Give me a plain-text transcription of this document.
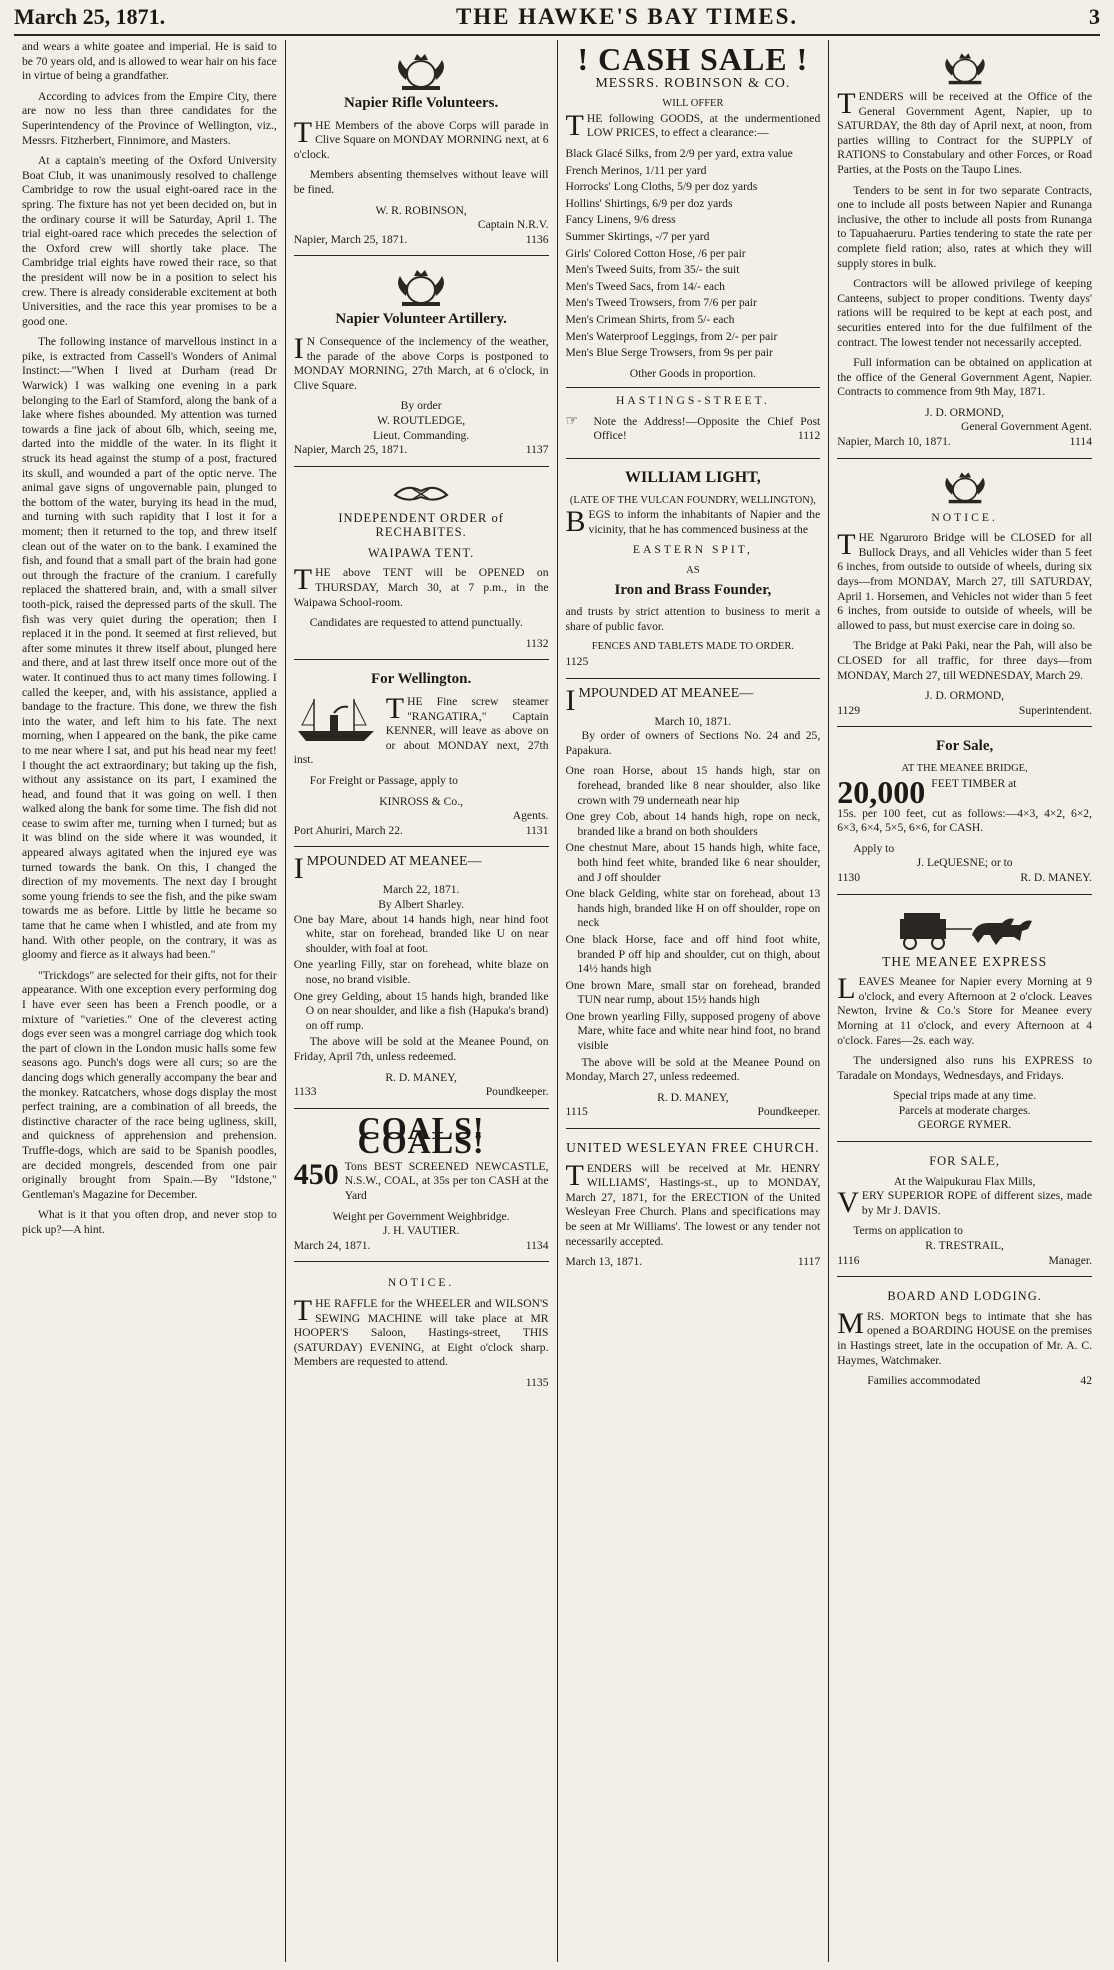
March 25, 1871.	THE HAWKE'S BAY TIMES.	3

and wears a white goatee and imperial. He is said to be 70 years old, and is allowed to wear hair on his face in virtue of being a grandfather.

According to advices from the Empire City, there are now no less than three candidates for the Superintendency of the Province of Wellington, viz., Messrs. Fitzherbert, Finnimore, and Masters.

At a captain's meeting of the Oxford University Boat Club, it was unanimously resolved to challenge Cambridge to row the usual eight-oared race in the spring. The fixture has not yet been decided on, but in the ordinary course it will be Saturday, April 1. The trial eight-oared race which precedes the selection of the Oxford crew will shortly take place. The Cambridge trial eights have rowed their race, so that the president will now be in a position to select his crew. There is already considerable excitement at both Universities, and the race this year promises to be a good one.

The following instance of marvellous instinct in a pike, is extracted from Cassell's Wonders of Animal Instinct:—"When I lived at Durham (read Dr Warwick) I was walking one evening in a park belonging to the Earl of Stamford, along the bank of a lake where fishes abounded. My attention was turned towards a fine jack of about 6lb, which, seeing me, darted into the middle of the water. In its flight it struck its head against the stump of a post, fractured its skull, and wounded a part of the optic nerve. The animal gave signs of ungovernable pain, plunged to the bottom of the water, burying its head in the mud, and turning with such rapidity that I lost it for a moment; then it returned to the top, and threw itself clean out of the water on to the bank. I examined the fish, and found that a small part of the brain had gone out through the fracture of the cranium. I carefully replaced the shattered brain, and, with a small silver tooth-pick, raised the depressed parts of the skull. The fish was very quiet during the operation; then I replaced it in the pond. It seemed at first relieved, but after some minutes it threw itself about, plunged here and there, and at last threw itself once more out of the water. It continued thus to act many times following. I called the keeper, and, with his assistance, applied a bandage to the fracture. This done, we threw the fish into the water, and left him to his fate. The next morning, when I appeared on the bank, the pike came to me near where I sat, and put his head near my feet! I thought the act extraordinary; but taking up the fish, without any assistance on its part, I examined the head, and found that it was going on well. I then walked along the bank for some time. The fish did not cease to swim after me, turning when I turned; but as it was blind on the side where it was wounded, it appeared always agitated when the injured eye was turned towards the bank. On this, I changed the direction of my movements. The next day I brought some young friends to see the fish, and the pike swam towards me as before. Little by little he became so tame that he came when I whistled, and ate from my hand. With other people, on the contrary, it was as gloomy and fierce as it always had been."

"Trickdogs" are selected for their gifts, not for their appearance. With one exception every performing dog I have ever seen has been a French poodle, or a mixture of "varieties." One of the cleverest acting dogs ever seen was a mongrel carriage dog which took the part of clown in the London music halls some few seasons ago. Punch's dogs were all curs; so are the dancing dogs which generally accompany the bear and the monkey. Ratcatchers, whose dogs display the most perfect training, are a combination of all breeds, the distinctive character of the race being ugliness, skill, and quickness of apprehension and prehension. Truffle-dogs, which are said to be Spanish poodles, are decided mongrels, descended from one pair originally brought from Spain.—By "Idstone," Gentleman's Magazine for December.

What is it that you often drop, and never stop to pick up?—A hint.

Napier Rifle Volunteers.

THE Members of the above Corps will parade in Clive Square on MONDAY MORNING next, at 6 o'clock.

Members absenting themselves without leave will be fined.

W. R. ROBINSON,
Captain N.R.V.
Napier, March 25, 1871.	1136
Napier Volunteer Artillery.

I N Consequence of the inclemency of the weather, the parade of the above Corps is postponed to MONDAY MORNING, 27th March, at 6 o'clock, in Clive Square.

By order
W. ROUTLEDGE,
Lieut. Commanding.
Napier, March 25, 1871.	1137
INDEPENDENT ORDER of RECHABITES.
WAIPAWA TENT.

THE above TENT will be OPENED on THURSDAY, March 30, at 7 p.m., in the Waipawa School-room.

Candidates are requested to attend punctually.

1132
For Wellington.

THE Fine screw steamer "RANGATIRA," Captain KENNER, will leave as above on or about MONDAY next, 27th inst.

For Freight or Passage, apply to

KINROSS & Co.,
Agents.
Port Ahuriri, March 22.	1131
IMPOUNDED AT MEANEE—
March 22, 1871.
By Albert Sharley.

One bay Mare, about 14 hands high, near hind foot white, star on forehead, branded like U on near shoulder, with foal at foot.

One yearling Filly, star on forehead, white blaze on nose, no brand visible.

One grey Gelding, about 15 hands high, branded like O on near shoulder, and like a fish (Hapuka's brand) on off rump.

The above will be sold at the Meanee Pound, on Friday, April 7th, unless redeemed.

R. D. MANEY,
1133	Poundkeeper.
COALS! COALS!

450 Tons BEST SCREENED NEWCASTLE, N.S.W., COAL, at 35s per ton CASH at the Yard

Weight per Government Weighbridge.
J. H. VAUTIER.
March 24, 1871.	1134
NOTICE.

THE RAFFLE for the WHEELER and WILSON'S SEWING MACHINE will take place at MR HOOPER'S Saloon, Hastings-street, THIS (SATURDAY) EVENING, at Eight o'clock sharp. Members are requested to attend.

1135
! CASH SALE !
MESSRS. ROBINSON & CO.
WILL OFFER

THE following GOODS, at the undermentioned LOW PRICES, to effect a clearance:—

Black Glacé Silks, from 2/9 per yard, extra value

French Merinos, 1/11 per yard

Horrocks' Long Cloths, 5/9 per doz yards

Hollins' Shirtings, 6/9 per doz yards

Fancy Linens, 9/6 dress

Summer Skirtings, -/7 per yard

Girls' Colored Cotton Hose, /6 per pair

Men's Tweed Suits, from 35/- the suit

Men's Tweed Sacs, from 14/- each

Men's Tweed Trowsers, from 7/6 per pair

Men's Crimean Shirts, from 5/- each

Men's Waterproof Leggings, from 2/- per pair

Men's Blue Serge Trowsers, from 9s per pair

Other Goods in proportion.
HASTINGS-STREET.

☞ Note the Address!—Opposite the Chief Post Office!	1112

WILLIAM LIGHT,
(LATE OF THE VULCAN FOUNDRY, WELLINGTON),

BEGS to inform the inhabitants of Napier and the vicinity, that he has commenced business at the

EASTERN SPIT,
AS
Iron and Brass Founder,

and trusts by strict attention to business to merit a share of public favor.

FENCES AND TABLETS MADE TO ORDER.
1125
IMPOUNDED AT MEANEE—
March 10, 1871.

By order of owners of Sections No. 24 and 25, Papakura.

One roan Horse, about 15 hands high, star on forehead, branded like 8 near shoulder, also like crown with 79 underneath near hip

One grey Cob, about 14 hands high, rope on neck, branded like a brand on both shoulders

One chestnut Mare, about 15 hands high, white face, both hind feet white, branded like 6 near shoulder, and J off shoulder

One black Gelding, white star on forehead, about 13 hands high, branded like H on off shoulder, rope on neck

One black Horse, face and off hind foot white, branded P off hip and shoulder, cut on thigh, about 14½ hands high

One brown Mare, small star on forehead, branded TUN near rump, about 15½ hands high

One brown yearling Filly, supposed progeny of above Mare, white face and white near hind foot, no brand visible

The above will be sold at the Meanee Pound on Monday, March 27, unless redeemed.

R. D. MANEY,
1115	Poundkeeper.
UNITED WESLEYAN FREE CHURCH.

TENDERS will be received at Mr. HENRY WILLIAMS', Hastings-st., up to MONDAY, March 27, 1871, for the ERECTION of the United Wesleyan Free Church. Plans and specifications may be seen at Mr Williams'. The lowest or any tender not necessarily accepted.

March 13, 1871.	1117

TENDERS will be received at the Office of the General Government Agent, Napier, up to SATURDAY, the 8th day of April next, at noon, from parties willing to Contract for the SUPPLY of RATIONS to Constabulary and other Forces, or Road Parties, at the Posts on the Taupo Lines.

Tenders to be sent in for two separate Contracts, one to include all posts between Napier and Runanga inclusive, the other to include all posts from Runanga to Tapuahaeruru. Parties tendering to state the rate per complete field ration; also, rates at which they will supply stores in bulk.

Contractors will be allowed privilege of keeping Canteens, subject to proper conditions. Twenty days' rations will be required to be kept at each post, and securities entered into for the due fulfilment of the contract. The lowest tender not necessarily accepted.

Full information can be obtained on application at the office of the General Government Agent, Napier. Contracts to commence from 9th May, 1871.

J. D. ORMOND,
General Government Agent.
Napier, March 10, 1871.	1114
NOTICE.

THE Ngaruroro Bridge will be CLOSED for all Bullock Drays, and all Vehicles wider than 5 feet 6 inches, from outside to outside of wheels, during six days—from MONDAY, March 27, till SATURDAY, April 1. Horsemen, and Vehicles not wider than 5 feet 6 inches, from outside to outside of wheels, will be allowed to pass, but must exercise care in doing so.

The Bridge at Paki Paki, near the Pah, will also be CLOSED for all traffic, for three days—from MONDAY, March 27, till WEDNESDAY, March 29.

J. D. ORMOND,
1129	Superintendent.
For Sale,
AT THE MEANEE BRIDGE,
20,000 FEET TIMBER at

15s. per 100 feet, cut as follows:—4×3, 4×2, 6×2, 6×3, 6×4, 5×5, 6×6, for CASH.

Apply to
J. LeQUESNE; or to
1130	R. D. MANEY.
THE MEANEE EXPRESS

LEAVES Meanee for Napier every Morning at 9 o'clock, and every Afternoon at 2 o'clock. Leaves Newton, Irvine & Co.'s Store for Meanee every Morning at 11 o'clock, and every Afternoon at 4 o'clock. Fares—2s. each way.

The undersigned also runs his EXPRESS to Taradale on Mondays, Wednesdays, and Fridays.

Special trips made at any time.
Parcels at moderate charges.
GEORGE RYMER.
FOR SALE,
At the Waipukurau Flax Mills,

VERY SUPERIOR ROPE of different sizes, made by Mr J. DAVIS.

Terms on application to
R. TRESTRAIL,
1116	Manager.
BOARD AND LODGING.

MRS. MORTON begs to intimate that she has opened a BOARDING HOUSE on the premises in Hastings street, late in the occupation of Mr. A. C. Haymes, Watchmaker.

Families accommodated	42
